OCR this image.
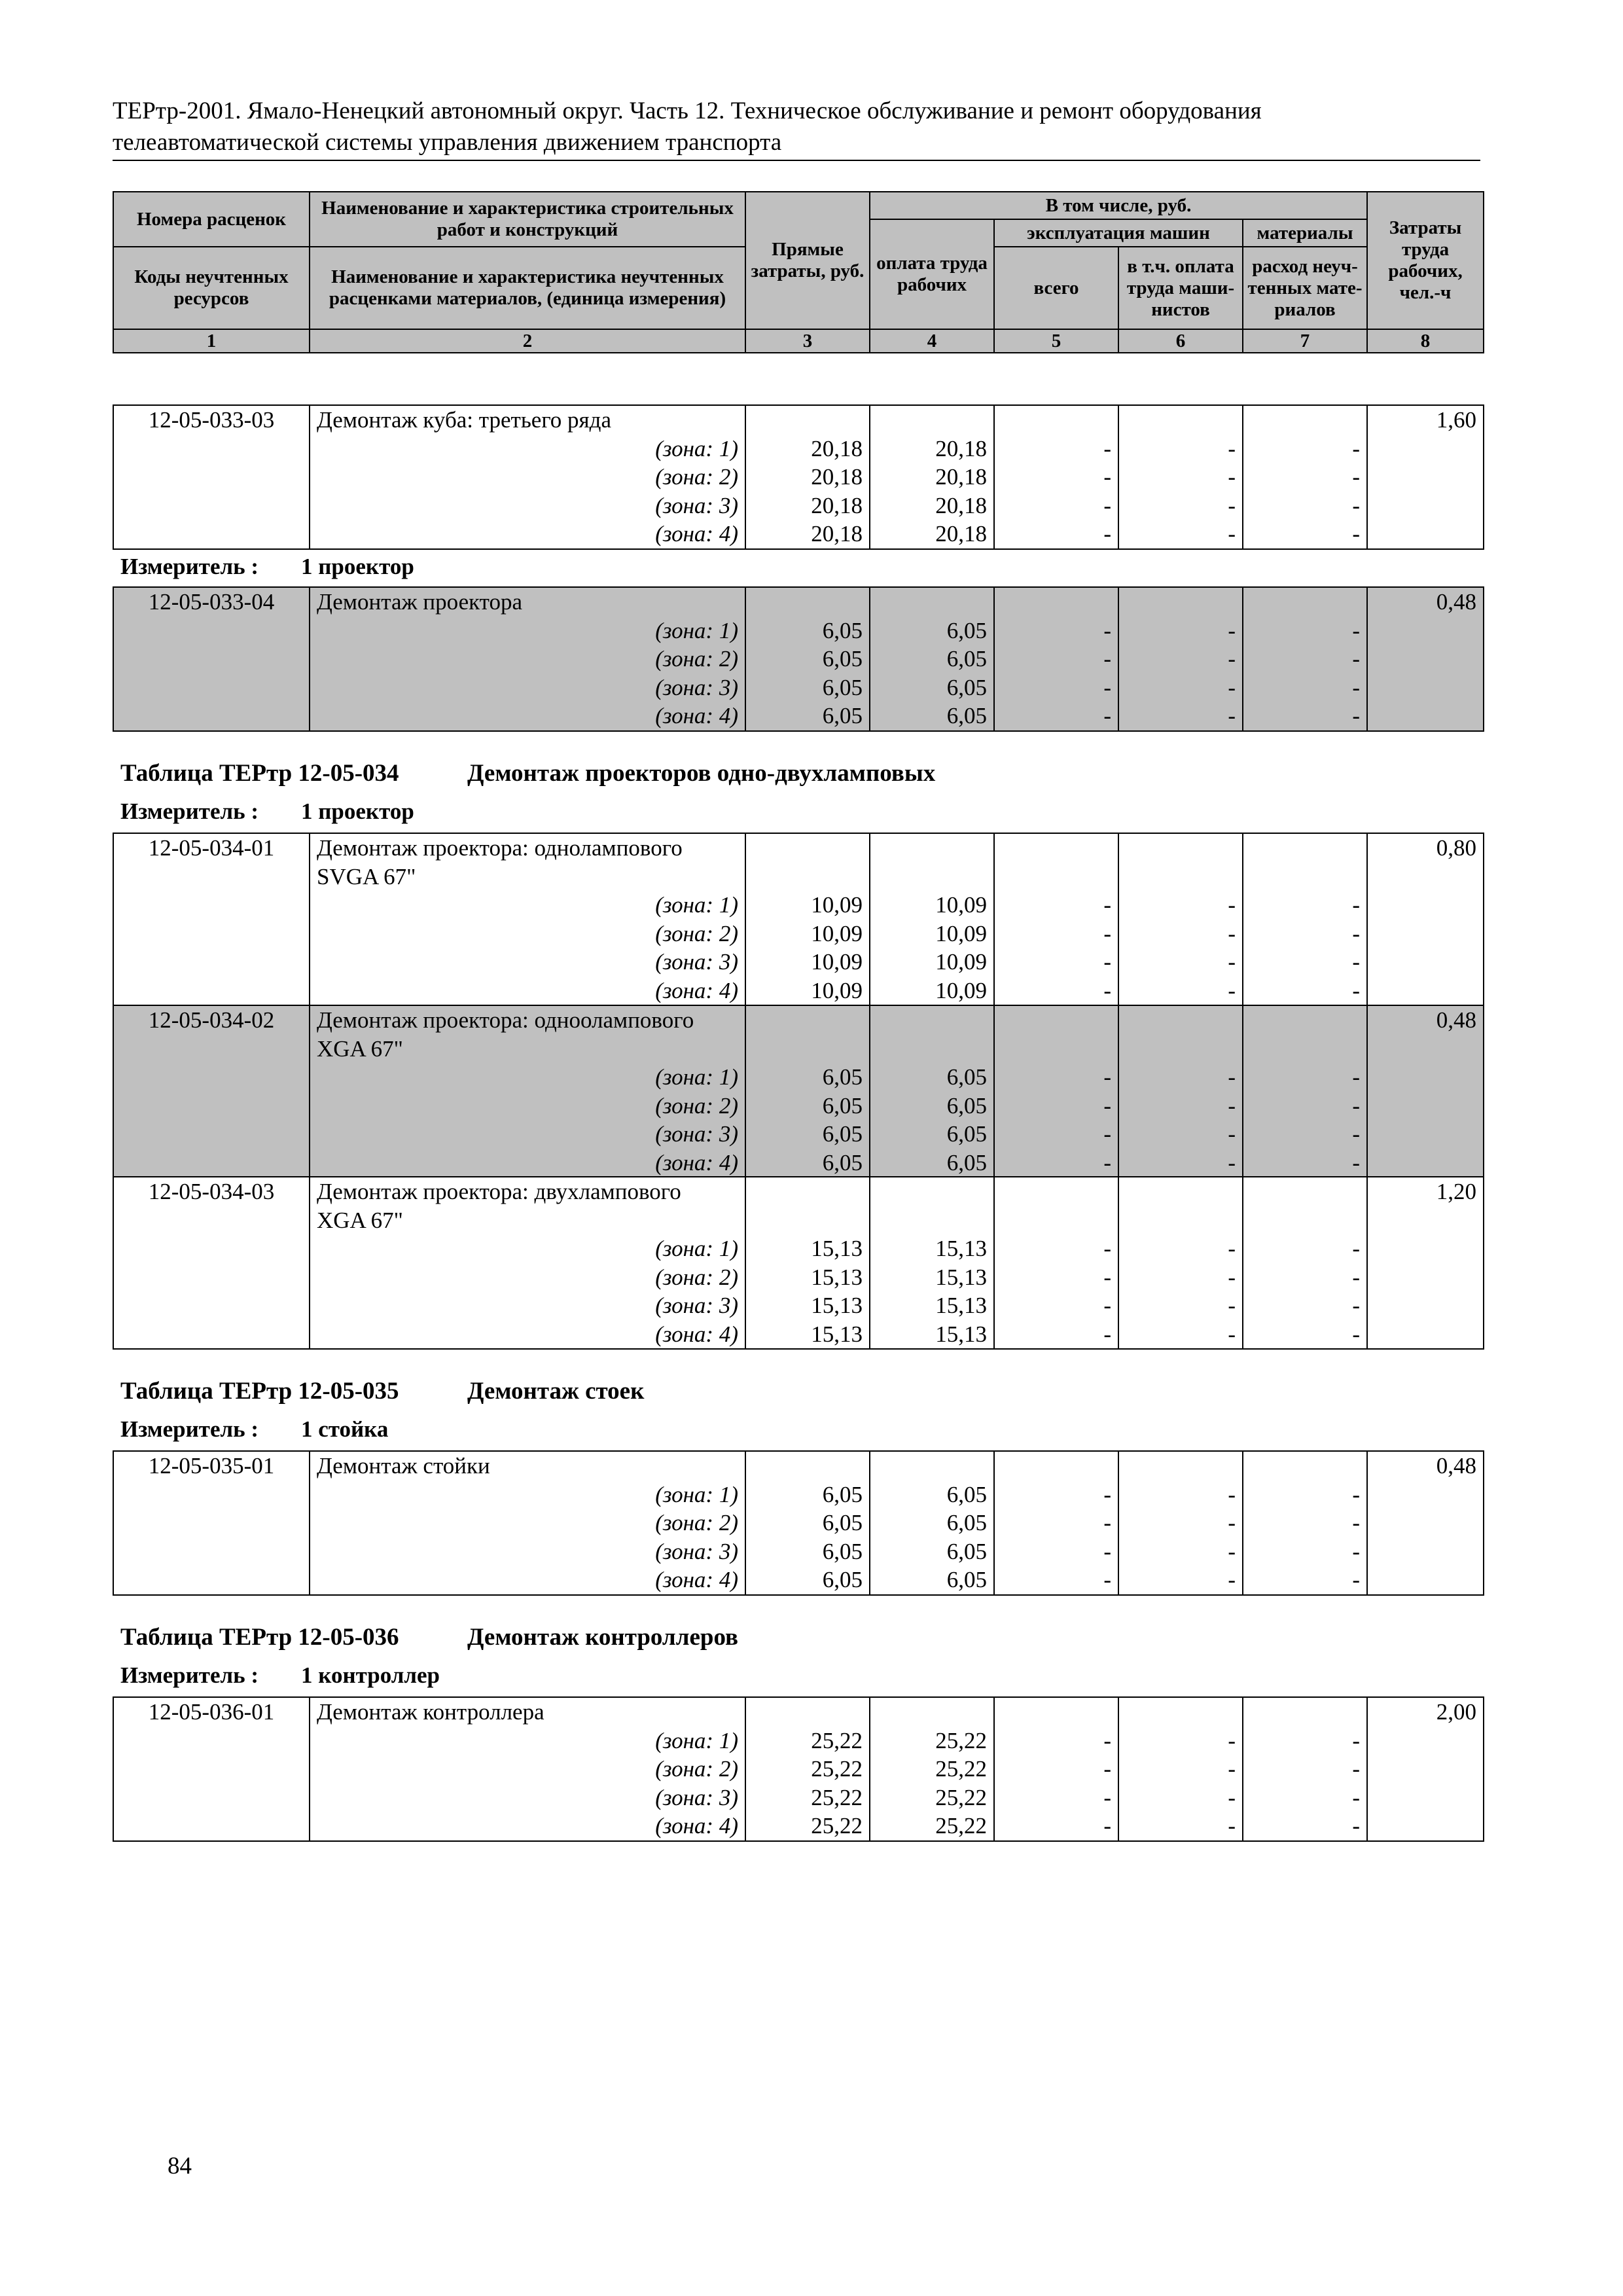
ТЕРтр-2001. Ямало-Ненецкий автономный округ. Часть 12. Техническое обслуживание и ремонт оборудования
телеавтоматической системы управления движением транспорта
Номера расценок	Наименование и характеристика строительных работ и конструкций	Прямые затраты, руб.	В том числе, руб.				Затраты труда рабочих, чел.-ч
			оплата труда рабочих	эксплуатация машин		материалы	
Коды неучтенных ресурсов	Наименование и характеристика неучтенных расценками материалов, (единица измерения)			всего	в т.ч. оплата труда маши-нистов	расход неуч-тенных мате-риалов	

1	2	3	4	5	6	7	8
12-05-033-03	Демонтаж куба: третьего ряда						1,60
	(зона: 1)	20,18	20,18	-	-	-	
	(зона: 2)	20,18	20,18	-	-	-	
	(зона: 3)	20,18	20,18	-	-	-	
	(зона: 4)	20,18	20,18	-	-	-	
Измеритель : 1 проектор
12-05-033-04	Демонтаж проектора						0,48
	(зона: 1)	6,05	6,05	-	-	-	
	(зона: 2)	6,05	6,05	-	-	-	
	(зона: 3)	6,05	6,05	-	-	-	
	(зона: 4)	6,05	6,05	-	-	-	
Таблица ТЕРтр 12-05-034	Демонтаж проекторов одно-двухламповых
Измеритель : 1 проектор
12-05-034-01	Демонтаж проектора: однолампового						0,80
	SVGA 67"						
	(зона: 1)	10,09	10,09	-	-	-	
	(зона: 2)	10,09	10,09	-	-	-	
	(зона: 3)	10,09	10,09	-	-	-	
	(зона: 4)	10,09	10,09	-	-	-	
12-05-034-02	Демонтаж проектора: одноолампового						0,48
	XGA 67"						
	(зона: 1)	6,05	6,05	-	-	-	
	(зона: 2)	6,05	6,05	-	-	-	
	(зона: 3)	6,05	6,05	-	-	-	
	(зона: 4)	6,05	6,05	-	-	-	
12-05-034-03	Демонтаж проектора: двухлампового						1,20
	XGA 67"						
	(зона: 1)	15,13	15,13	-	-	-	
	(зона: 2)	15,13	15,13	-	-	-	
	(зона: 3)	15,13	15,13	-	-	-	
	(зона: 4)	15,13	15,13	-	-	-	
Таблица ТЕРтр 12-05-035	Демонтаж стоек
Измеритель : 1 стойка
12-05-035-01	Демонтаж стойки						0,48
	(зона: 1)	6,05	6,05	-	-	-	
	(зона: 2)	6,05	6,05	-	-	-	
	(зона: 3)	6,05	6,05	-	-	-	
	(зона: 4)	6,05	6,05	-	-	-	
Таблица ТЕРтр 12-05-036	Демонтаж контроллеров
Измеритель : 1 контроллер
12-05-036-01	Демонтаж контроллера						2,00
	(зона: 1)	25,22	25,22	-	-	-	
	(зона: 2)	25,22	25,22	-	-	-	
	(зона: 3)	25,22	25,22	-	-	-	
	(зона: 4)	25,22	25,22	-	-	-	
84
